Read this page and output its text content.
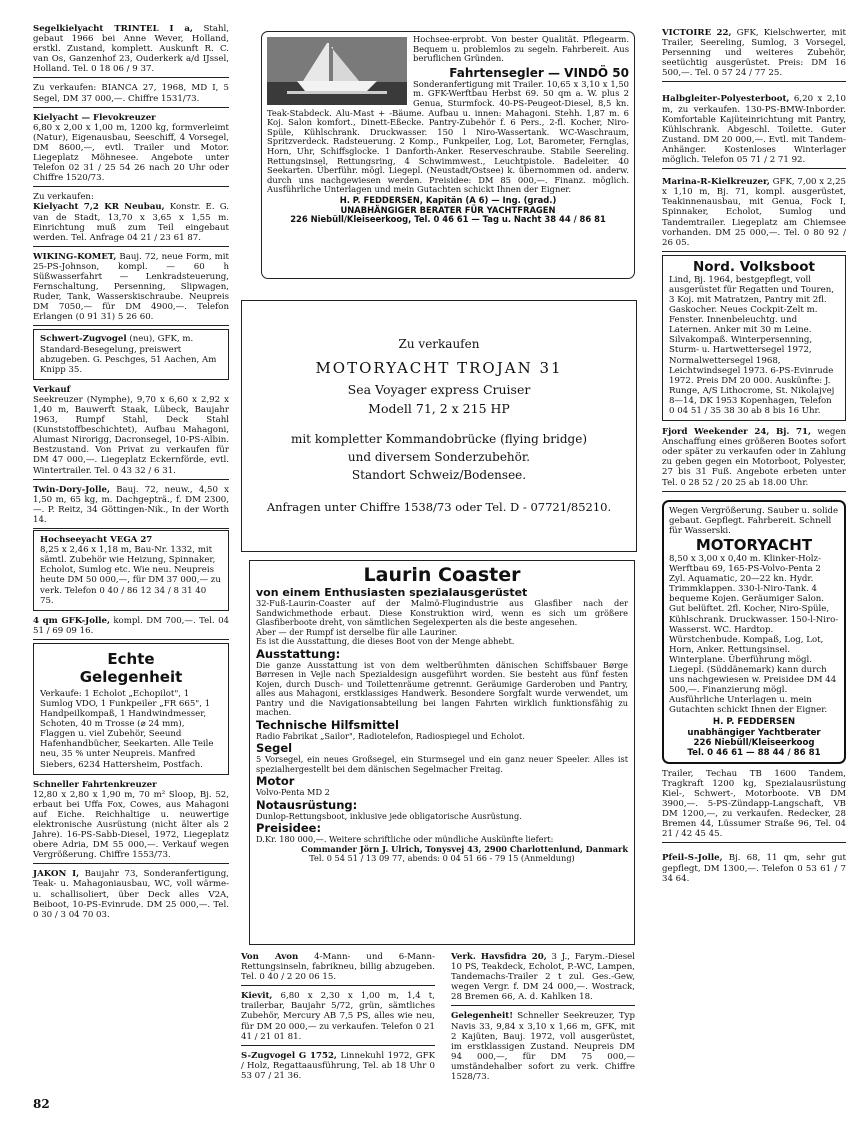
Segelkielyacht TRINTEL I a, Stahl, gebaut 1966 bei Anne Wever, Holland, erstkl. Zustand, komplett. Auskunft R. C. van Os, Ganzenhof 23, Ouderkerk a/d IJssel, Holland. Tel. 0 18 06 / 9 37.
Zu verkaufen: BIANCA 27, 1968, MD I, 5 Segel, DM 37 000,—. Chiffre 1531/73.
Kielyacht — Flevokreuzer
6,80 x 2,00 x 1,00 m, 1200 kg, formverleimt (Natur), Eigenausbau, Seeschiff, 4 Vorsegel, DM 8600,—, evtl. Trailer und Motor. Liegeplatz Möhnesee. Angebote unter Telefon 02 31 / 25 54 26 nach 20 Uhr oder Chiffre 1520/73.
Zu verkaufen:
Kielyacht 7,2 KR Neubau, Konstr. E. G. van de Stadt, 13,70 x 3,65 x 1,55 m. Einrichtung muß zum Teil eingebaut werden. Tel. Anfrage 04 21 / 23 61 87.
WIKING-KOMET, Bauj. 72, neue Form, mit 25-PS-Johnson, kompl. — 60 h Süßwasserfahrt — Lenkradsteuerung, Fernschaltung, Persenning, Slipwagen, Ruder, Tank, Wasserskischraube. Neupreis DM 7050,— für DM 4900,—. Telefon Erlangen (0 91 31) 5 26 60.
Schwert-Zugvogel (neu), GFK, m. Standard-Besegelung, preiswert abzugeben. G. Peschges, 51 Aachen, Am Knipp 35.
Verkauf
Seekreuzer (Nymphe), 9,70 x 6,60 x 2,92 x 1,40 m, Bauwerft Staak, Lübeck, Baujahr 1963, Rumpf Stahl, Deck Stahl (Kunststoffbeschichtet), Aufbau Mahagoni, Alumast Nirorigg, Dacronsegel, 10-PS-Albin. Bestzustand. Von Privat zu verkaufen für DM 47 000,—. Liegeplatz Eckernförde, evtl. Wintertrailer. Tel. 0 43 32 / 6 31.
Twin-Dory-Jolle, Bauj. 72, neuw., 4,50 x 1,50 m, 65 kg, m. Dachgepträ., f. DM 2300,—. P. Reitz, 34 Göttingen-Nik., In der Worth 14.
Hochseeyacht VEGA 27
8,25 x 2,46 x 1,18 m, Bau-Nr. 1332, mit sämtl. Zubehör wie Heizung, Spinnaker, Echolot, Sumlog etc. Wie neu. Neupreis heute DM 50 000,—, für DM 37 000,— zu verk. Telefon 0 40 / 86 12 34 / 8 31 40 75.
4 qm GFK-Jolle, kompl. DM 700,—. Tel. 04 51 / 69 09 16.
Echte
Gelegenheit
Verkaufe: 1 Echolot „Echopilot", 1 Sumlog VDO, 1 Funkpeiler „FR 665", 1 Handpeilkompaß, 1 Handwindmesser, Schoten, 40 m Trosse (⌀ 24 mm), Flaggen u. viel Zubehör, Seeund Hafenhandbücher, Seekarten. Alle Teile neu, 35 % unter Neupreis. Manfred Siebers, 6234 Hattersheim, Postfach.
Schneller Fahrtenkreuzer
12,80 x 2,80 x 1,90 m, 70 m² Sloop, Bj. 52, erbaut bei Uffa Fox, Cowes, aus Mahagoni auf Eiche. Reichhaltige u. neuwertige elektronische Ausrüstung (nicht älter als 2 Jahre). 16-PS-Sabb-Diesel, 1972, Liegeplatz obere Adria, DM 55 000,—. Verkauf wegen Vergrößerung. Chiffre 1553/73.
JAKON I, Baujahr 73, Sonderanfertigung, Teak- u. Mahagoniausbau, WC, voll wärme- u. schallisoliert, über Deck alles V2A, Beiboot, 10-PS-Evinrude. DM 25 000,—. Tel. 0 30 / 3 04 70 03.
Hochsee-erprobt. Von bester Qualität. Pflegearm. Bequem u. problemlos zu segeln. Fahrbereit. Aus beruflichen Gründen.
Fahrtensegler — VINDÖ 50
Sonderanfertigung mit Trailer. 10,65 x 3,10 x 1,50 m. GFK-Werftbau Herbst 69. 50 qm a. W. plus 2 Genua, Sturmfock. 40-PS-Peugeot-Diesel, 8,5 kn. Teak-Stabdeck. Alu-Mast + -Bäume. Aufbau u. innen: Mahagoni. Stehh. 1,87 m. 6 Koj. Salon komfort., Dinett-Eßecke. Pantry-Zubehör f. 6 Pers., 2-fl. Kocher, Niro-Spüle, Kühlschrank. Druckwasser. 150 l Niro-Wassertank. WC-Waschraum, Spritzverdeck. Radsteuerung. 2 Komp., Funkpeiler, Log, Lot, Barometer, Fernglas, Horn, Uhr, Schiffsglocke. 1 Danforth-Anker. Reserveschraube. Stabile Seereling. Rettungsinsel, Rettungsring, 4 Schwimmwest., Leuchtpistole. Badeleiter. 40 Seekarten. Überführ. mögl. Liegepl. (Neustadt/Ostsee) k. übernommen od. anderw. durch uns nachgewiesen werden. Preisidee: DM 85 000,—. Finanz. möglich. Ausführliche Unterlagen und mein Gutachten schickt Ihnen der Eigner.
H. P. FEDDERSEN, Kapitän (A 6) — Ing. (grad.)
UNABHÄNGIGER BERATER FÜR YACHTFRAGEN
226 Niebüll/Kleiseerkoog, Tel. 0 46 61 — Tag u. Nacht 38 44 / 86 81
Zu verkaufen
MOTORYACHT TROJAN 31
Sea Voyager express Cruiser
Modell 71, 2 x 215 HP
mit kompletter Kommandobrücke (flying bridge)
und diversem Sonderzubehör.
Standort Schweiz/Bodensee.
Anfragen unter Chiffre 1538/73 oder Tel. D - 07721/85210.
Laurin Coaster
von einem Enthusiasten spezialausgerüstet
32-Fuß-Laurin-Coaster auf der Malmö-Flugindustrie aus Glasfiber nach der Sandwichmethode erbaut. Diese Konstruktion wird, wenn es sich um größere Glasfiberboote dreht, von sämtlichen Segelexperten als die beste angesehen.
Aber — der Rumpf ist derselbe für alle Lauriner.
Es ist die Ausstattung, die dieses Boot von der Menge abhebt.
Ausstattung:
Die ganze Ausstattung ist von dem weltberühmten dänischen Schiffsbauer Børge Børresen in Vejle nach Spezialdesign ausgeführt worden. Sie besteht aus fünf festen Kojen, durch Dusch- und Toilettenräume getrennt. Geräumige Garderoben und Pantry, alles aus Mahagoni, erstklassiges Handwerk. Besondere Sorgfalt wurde verwendet, um Pantry und die Navigationsabteilung bei langen Fahrten wirklich funktionsfähig zu machen.
Technische Hilfsmittel
Radio Fabrikat „Sailor", Radiotelefon, Radiospiegel und Echolot.
Segel
5 Vorsegel, ein neues Großsegel, ein Sturmsegel und ein ganz neuer Speeler. Alles ist spezialhergestellt bei dem dänischen Segelmacher Freitag.
Motor
Volvo-Penta MD 2
Notausrüstung:
Dunlop-Rettungsboot, inklusive jede obligatorische Ausrüstung.
Preisidee:
D.Kr. 180 000,—. Weitere schriftliche oder mündliche Auskünfte liefert:
Commander Jörn J. Ulrich, Tonysvej 43, 2900 Charlottenlund, Danmark
Tel. 0 54 51 / 13 09 77, abends: 0 04 51 66 - 79 15 (Anmeldung)
Von Avon 4-Mann- und 6-Mann-Rettungsinseln, fabrikneu, billig abzugeben. Tel. 0 40 / 2 20 06 15.
Kievit, 6,80 x 2,30 x 1,00 m, 1,4 t, trailerbar, Baujahr 5/72, grün, sämtliches Zubehör, Mercury AB 7,5 PS, alles wie neu, für DM 20 000,— zu verkaufen. Telefon 0 21 41 / 21 01 81.
S-Zugvogel G 1752, Linnekuhl 1972, GFK / Holz, Regattaausführung, Tel. ab 18 Uhr 0 53 07 / 21 36.
Verk. Havsfidra 20, 3 J., Farym.-Diesel 10 PS, Teakdeck, Echolot, P.-WC, Lampen, Tandemachs-Trailer 2 t zul. Ges.-Gew, wegen Vergr. f. DM 24 000,—. Wostrack, 28 Bremen 66, A. d. Kahlken 18.
Gelegenheit! Schneller Seekreuzer, Typ Navis 33, 9,84 x 3,10 x 1,66 m, GFK, mit 2 Kajüten, Bauj. 1972, voll ausgerüstet, im erstklassigen Zustand. Neupreis DM 94 000,—, für DM 75 000,— umständehalber sofort zu verk. Chiffre 1528/73.
VICTOIRE 22, GFK, Kielschwerter, mit Trailer, Seereling, Sumlog, 3 Vorsegel, Persenning und weiteres Zubehör, seetüchtig ausgerüstet. Preis: DM 16 500,—. Tel. 0 57 24 / 77 25.
Halbgleiter-Polyesterboot, 6,20 x 2,10 m, zu verkaufen. 130-PS-BMW-Inborder. Komfortable Kajüteinrichtung mit Pantry, Kühlschrank. Abgeschl. Toilette. Guter Zustand. DM 20 000,—. Evtl. mit Tandem-Anhänger. Kostenloses Winterlager möglich. Telefon 05 71 / 2 71 92.
Marina-R-Kielkreuzer, GFK, 7,00 x 2,25 x 1,10 m, Bj. 71, kompl. ausgerüstet, Teakinnenausbau, mit Genua, Fock I, Spinnaker, Echolot, Sumlog und Tandemtrailer. Liegeplatz am Chiemsee vorhanden. DM 25 000,—. Tel. 0 80 92 / 26 05.
Nord. Volksboot
Lind, Bj. 1964, bestgepflegt, voll ausgerüstet für Regatten und Touren, 3 Koj. mit Matratzen, Pantry mit 2fl. Gaskocher. Neues Cockpit-Zelt m. Fenster. Innenbeleuchtg. und Laternen. Anker mit 30 m Leine. Silvakompaß. Winterpersenning, Sturm- u. Hartwettersegel 1972, Normalwettersegel 1968, Leichtwindsegel 1973. 6-PS-Evinrude 1972. Preis DM 20 000. Auskünfte: J. Runge, A/S Lithocrome, St. Nikolajvej 8—14, DK 1953 Kopenhagen, Telefon 0 04 51 / 35 38 30 ab 8 bis 16 Uhr.
Fjord Weekender 24, Bj. 71, wegen Anschaffung eines größeren Bootes sofort oder später zu verkaufen oder in Zahlung zu geben gegen ein Motorboot, Polyester, 27 bis 31 Fuß. Angebote erbeten unter Tel. 0 28 52 / 20 25 ab 18.00 Uhr.
Wegen Vergrößerung. Sauber u. solide gebaut. Gepflegt. Fahrbereit. Schnell für Wasserski.
MOTORYACHT
8,50 x 3,00 x 0,40 m. Klinker-Holz-Werftbau 69, 165-PS-Volvo-Penta 2 Zyl. Aquamatic, 20—22 kn. Hydr. Trimmklappen. 330-l-Niro-Tank. 4 bequeme Kojen. Geräumiger Salon. Gut belüftet. 2fl. Kocher, Niro-Spüle, Kühlschrank. Druckwasser. 150-l-Niro-Wasserst. WC. Hardtop. Würstchenbude. Kompaß, Log, Lot, Horn, Anker. Rettungsinsel. Winterplane. Überführung mögl. Liegepl. (Süddänemark) kann durch uns nachgewiesen w. Preisidee DM 44 500,—. Finanzierung mögl. Ausführliche Unterlagen u. mein Gutachten schickt Ihnen der Eigner.
H. P. FEDDERSEN
unabhängiger Yachtberater
226 Niebüll/Kleiseerkoog
Tel. 0 46 61 — 88 44 / 86 81
Trailer, Techau TB 1600 Tandem, Tragkraft 1200 kg, Spezialausrüstung Kiel-, Schwert-, Motorboote. VB DM 3900,—. 5-PS-Zündapp-Langschaft, VB DM 1200,—, zu verkaufen. Redecker, 28 Bremen 44, Lüssumer Straße 96, Tel. 04 21 / 42 45 45.
Pfeil-S-Jolle, Bj. 68, 11 qm, sehr gut gepflegt, DM 1300,—. Telefon 0 53 61 / 7 34 64.
82
